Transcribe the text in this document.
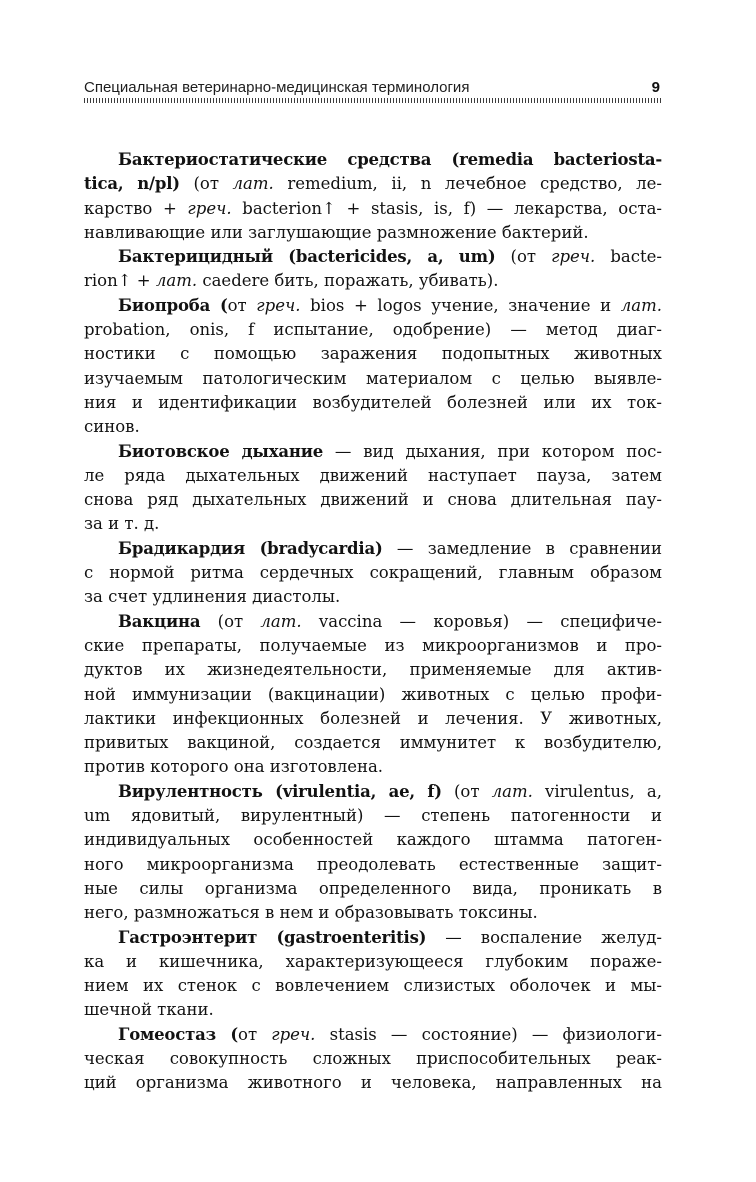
Специальная ветеринарно-медицинская терминология	9
Бактериостатические средства (remedia bacteriosta-
tica, n/pl) (от лат. remedium, ii, n лечебное средство, ле-
карство + греч. bacterion↑ + stasis, is, f) — лекарства, оста-
навливающие или заглушающие размножение бактерий.
Бактерицидный (bactericides, a, um) (от греч. bacte-
rion↑ + лат. caedere бить, поражать, убивать).
Биопроба (от греч. bios + logos учение, значение и лат.
probation, onis, f испытание, одобрение) — метод диаг-
ностики с помощью заражения подопытных животных
изучаемым патологическим материалом с целью выявле-
ния и идентификации возбудителей болезней или их ток-
синов.
Биотовское дыхание — вид дыхания, при котором пос-
ле ряда дыхательных движений наступает пауза, затем
снова ряд дыхательных движений и снова длительная пау-
за и т. д.
Брадикардия (bradycardia) — замедление в сравнении
с нормой ритма сердечных сокращений, главным образом
за счет удлинения диастолы.
Вакцина (от лат. vaccina — коровья) — специфиче-
ские препараты, получаемые из микроорганизмов и про-
дуктов их жизнедеятельности, применяемые для актив-
ной иммунизации (вакцинации) животных с целью профи-
лактики инфекционных болезней и лечения. У животных,
привитых вакциной, создается иммунитет к возбудителю,
против которого она изготовлена.
Вирулентность (virulentia, ae, f) (от лат. virulentus, a,
um ядовитый, вирулентный) — степень патогенности и
индивидуальных особенностей каждого штамма патоген-
ного микроорганизма преодолевать естественные защит-
ные силы организма определенного вида, проникать в
него, размножаться в нем и образовывать токсины.
Гастроэнтерит (gastroenteritis) — воспаление желуд-
ка и кишечника, характеризующееся глубоким пораже-
нием их стенок с вовлечением слизистых оболочек и мы-
шечной ткани.
Гомеостаз (от греч. stasis — состояние) — физиологи-
ческая совокупность сложных приспособительных реак-
ций организма животного и человека, направленных на
